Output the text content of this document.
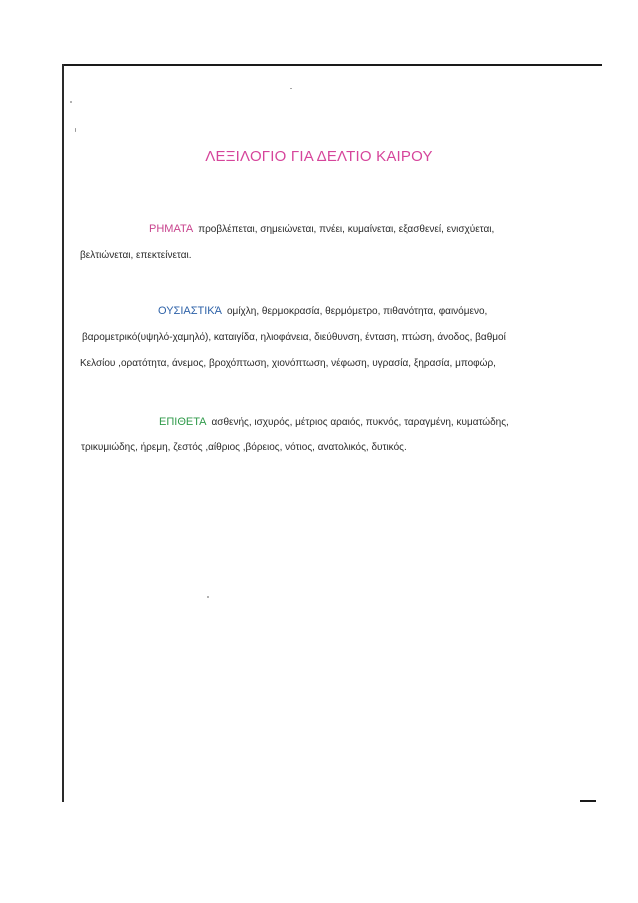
ΛΕΞΙΛΟΓΙΟ ΓΙΑ ΔΕΛΤΙΟ ΚΑΙΡΟΥ
ΡΗΜΑΤΑ προβλέπεται, σημειώνεται, πνέει, κυμαίνεται, εξασθενεί, ενισχύεται,
βελτιώνεται, επεκτείνεται.
ΟΥΣΙΑΣΤΙΚΆ ομίχλη, θερμοκρασία, θερμόμετρο, πιθανότητα, φαινόμενο,
βαρομετρικό(υψηλό-χαμηλό), καταιγίδα, ηλιοφάνεια, διεύθυνση, ένταση, πτώση, άνοδος, βαθμοί
Κελσίου ,ορατότητα, άνεμος, βροχόπτωση, χιονόπτωση, νέφωση, υγρασία, ξηρασία, μποφώρ,
ΕΠΙΘΕΤΑ ασθενής, ισχυρός, μέτριος αραιός, πυκνός, ταραγμένη, κυματώδης,
τρικυμιώδης, ήρεμη, ζεστός ,αίθριος ,βόρειος, νότιος, ανατολικός, δυτικός.
